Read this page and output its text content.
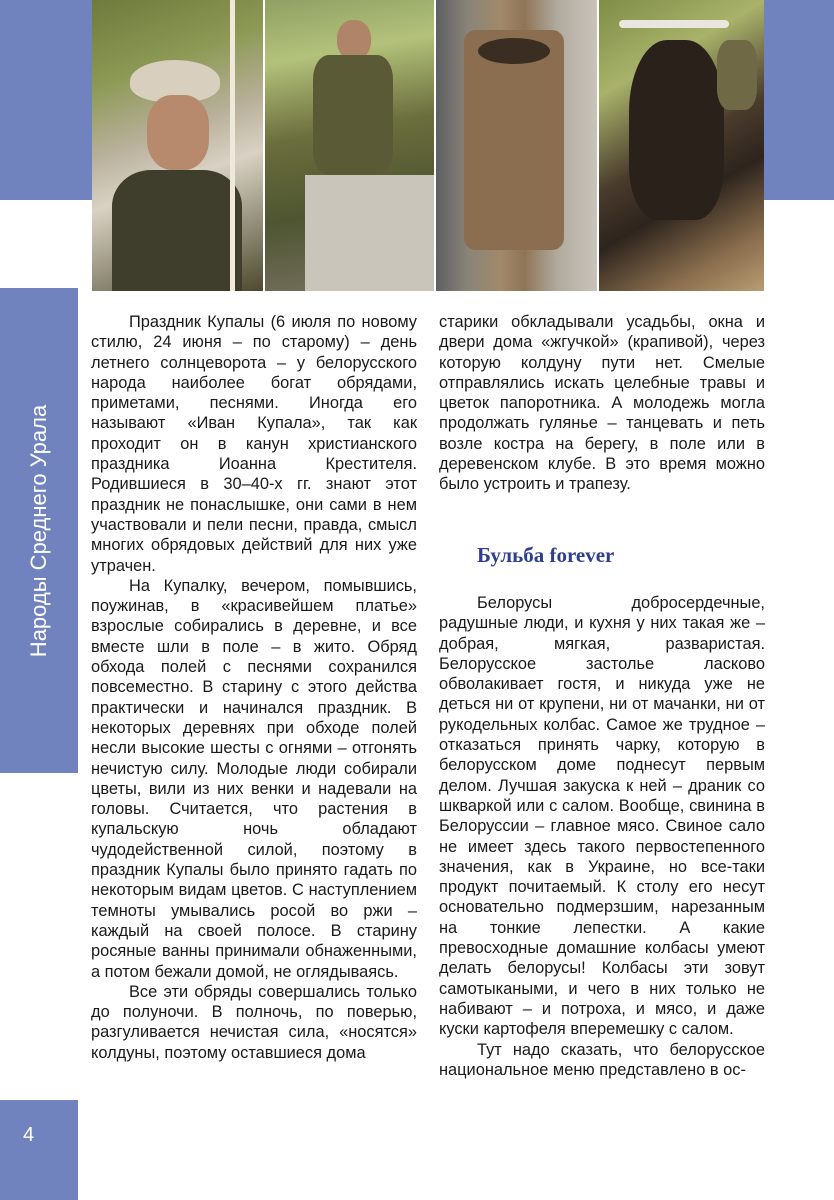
Народы Среднего Урала
4

Праздник Купалы (6 июля по новому стилю, 24 июня – по старому) – день летнего солнцеворота – у белорусского народа наиболее богат обрядами, приметами, песнями. Иногда его называют «Иван Купала», так как проходит он в канун христианского праздника Иоанна Крестителя. Родившиеся в 30–40-х гг. знают этот праздник не понаслышке, они сами в нем участвовали и пели песни, правда, смысл многих обрядовых действий для них уже утрачен.

На Купалку, вечером, помывшись, поужинав, в «красивейшем платье» взрослые собирались в деревне, и все вместе шли в поле – в жито. Обряд обхода полей с песнями сохранился повсеместно. В старину с этого действа практически и начинался праздник. В некоторых деревнях при обходе полей несли высокие шесты с огнями – отгонять нечистую силу. Молодые люди собирали цветы, вили из них венки и надевали на головы. Считается, что растения в купальскую ночь обладают чудодейственной силой, поэтому в праздник Купалы было принято гадать по некоторым видам цветов. С наступлением темноты умывались росой во ржи – каждый на своей полосе. В старину росяные ванны принимали обнаженными, а потом бежали домой, не оглядываясь.

Все эти обряды совершались только до полуночи. В полночь, по поверью, разгуливается нечистая сила, «носятся» колдуны, поэтому оставшиеся дома

старики обкладывали усадьбы, окна и двери дома «жгучкой» (крапивой), через которую колдуну пути нет. Смелые отправлялись искать целебные травы и цветок папоротника. А молодежь могла продолжать гулянье – танцевать и петь возле костра на берегу, в поле или в деревенском клубе. В это время можно было устроить и трапезу.

Бульба forever

Белорусы добросердечные, радушные люди, и кухня у них такая же – добрая, мягкая, разваристая. Белорусское застолье ласково обволакивает гостя, и никуда уже не деться ни от крупени, ни от мачанки, ни от рукодельных колбас. Самое же трудное – отказаться принять чарку, которую в белорусском доме поднесут первым делом. Лучшая закуска к ней – драник со шкваркой или с салом. Вообще, свинина в Белоруссии – главное мясо. Свиное сало не имеет здесь такого первостепенного значения, как в Украине, но все-таки продукт почитаемый. К столу его несут основательно подмерзшим, нарезанным на тонкие лепестки. А какие превосходные домашние колбасы умеют делать белорусы! Колбасы эти зовут самотыкаными, и чего в них только не набивают – и потроха, и мясо, и даже куски картофеля вперемешку с салом.

Тут надо сказать, что белорусское национальное меню представлено в ос-
